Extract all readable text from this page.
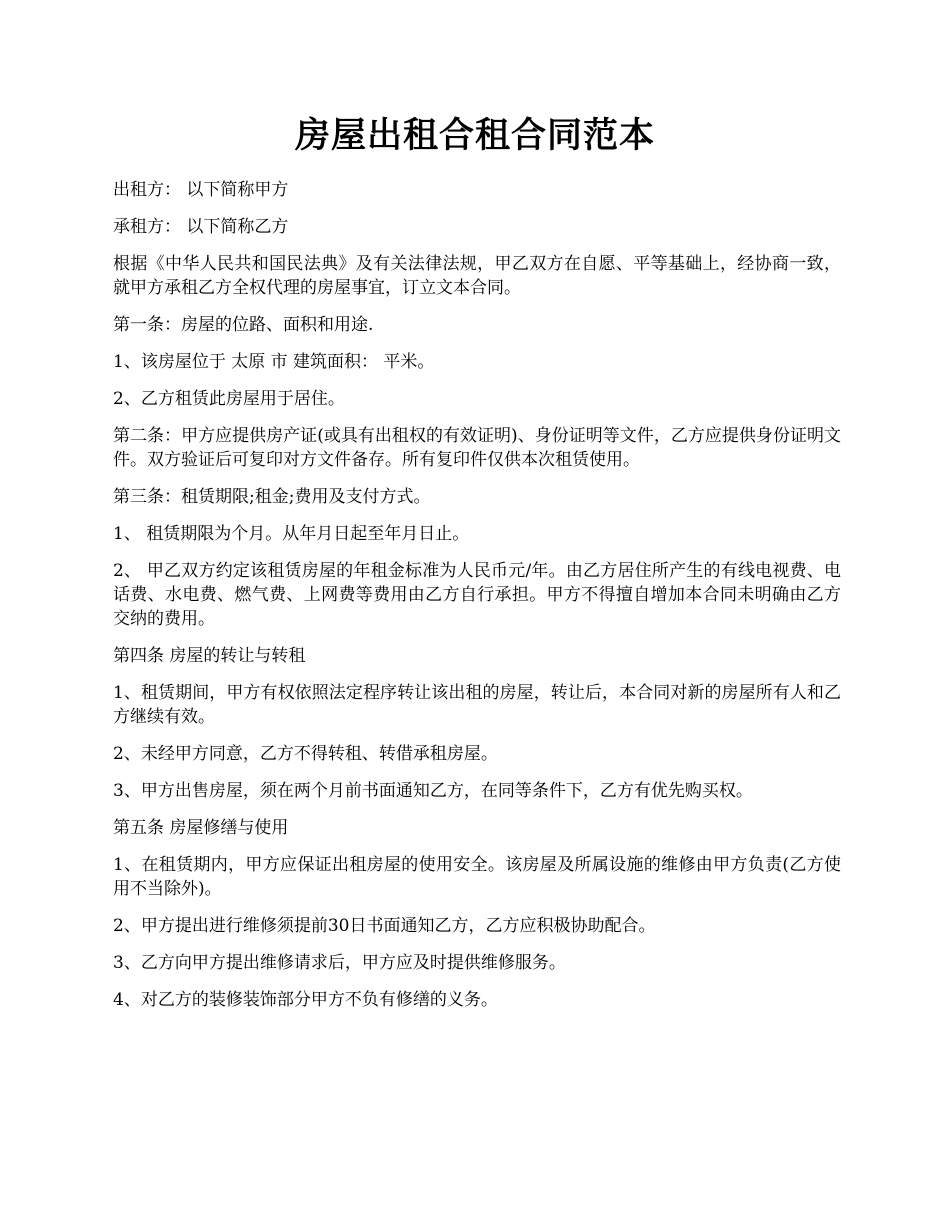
房屋出租合租合同范本

出租方： 以下简称甲方

承租方： 以下简称乙方

根据《中华人民共和国民法典》及有关法律法规，甲乙双方在自愿、平等基础上，经协商一致，就甲方承租乙方全权代理的房屋事宜，订立文本合同。

第一条：房屋的位路、面积和用途.

1、该房屋位于 太原 市 建筑面积： 平米。

2、乙方租赁此房屋用于居住。

第二条：甲方应提供房产证(或具有出租权的有效证明)、身份证明等文件，乙方应提供身份证明文件。双方验证后可复印对方文件备存。所有复印件仅供本次租赁使用。

第三条：租赁期限;租金;费用及支付方式。

1、 租赁期限为个月。从年月日起至年月日止。

2、 甲乙双方约定该租赁房屋的年租金标准为人民币元/年。由乙方居住所产生的有线电视费、电话费、水电费、燃气费、上网费等费用由乙方自行承担。甲方不得擅自增加本合同未明确由乙方交纳的费用。

第四条 房屋的转让与转租

1、租赁期间，甲方有权依照法定程序转让该出租的房屋，转让后，本合同对新的房屋所有人和乙方继续有效。

2、未经甲方同意，乙方不得转租、转借承租房屋。

3、甲方出售房屋，须在两个月前书面通知乙方，在同等条件下，乙方有优先购买权。

第五条 房屋修缮与使用

1、在租赁期内，甲方应保证出租房屋的使用安全。该房屋及所属设施的维修由甲方负责(乙方使用不当除外)。

2、甲方提出进行维修须提前30日书面通知乙方，乙方应积极协助配合。

3、乙方向甲方提出维修请求后，甲方应及时提供维修服务。

4、对乙方的装修装饰部分甲方不负有修缮的义务。
